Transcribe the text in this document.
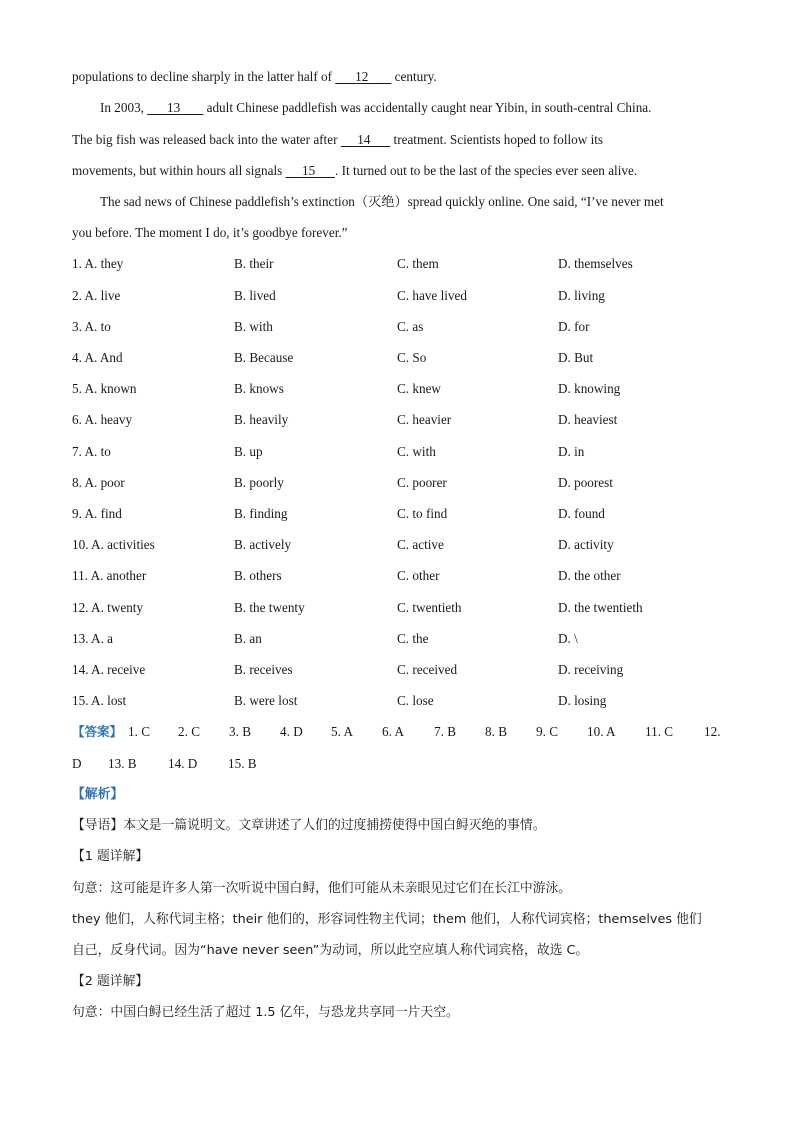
populations to decline sharply in the latter half of       12        century.
In 2003,       13        adult Chinese paddlefish was accidentally caught near Yibin, in south-central China.
The big fish was released back into the water after      14       treatment. Scientists hoped to follow its
movements, but within hours all signals      15 . It turned out to be the last of the species ever seen alive.
The sad news of Chinese paddlefish’s extinction（灭绝）spread quickly online. One said, “I’ve never met
you before. The moment I do, it’s goodbye forever.”
1. A. they	B. their	C. them	D. themselves
2. A. live	B. lived	C. have lived	D. living
3. A. to	B. with	C. as	D. for
4. A. And	B. Because	C. So	D. But
5. A. known	B. knows	C. knew	D. knowing
6. A. heavy	B. heavily	C. heavier	D. heaviest
7. A. to	B. up	C. with	D. in
8. A. poor	B. poorly	C. poorer	D. poorest
9. A. find	B. finding	C. to find	D. found
10. A. activities	B. actively	C. active	D. activity
11. A. another	B. others	C. other	D. the other
12. A. twenty	B. the twenty	C. twentieth	D. the twentieth
13. A. a	B. an	C. the	D. \
14. A. receive	B. receives	C. received	D. receiving
15. A. lost	B. were lost	C. lose	D. losing
【答案】 1. C 2. C 3. B 4. D 5. A 6. A 7. B 8. B 9. C 10. A 11. C 12.
D 13. B 14. D 15. B
【解析】
【导语】本文是一篇说明文。文章讲述了人们的过度捕捞使得中国白鲟灭绝的事情。
【1 题详解】
句意：这可能是许多人第一次听说中国白鲟，他们可能从未亲眼见过它们在长江中游泳。
they 他们，人称代词主格；their 他们的，形容词性物主代词；them 他们，人称代词宾格；themselves 他们
自己，反身代词。因为“have never seen”为动词，所以此空应填人称代词宾格，故选 C。
【2 题详解】
句意：中国白鲟已经生活了超过 1.5 亿年，与恐龙共享同一片天空。
